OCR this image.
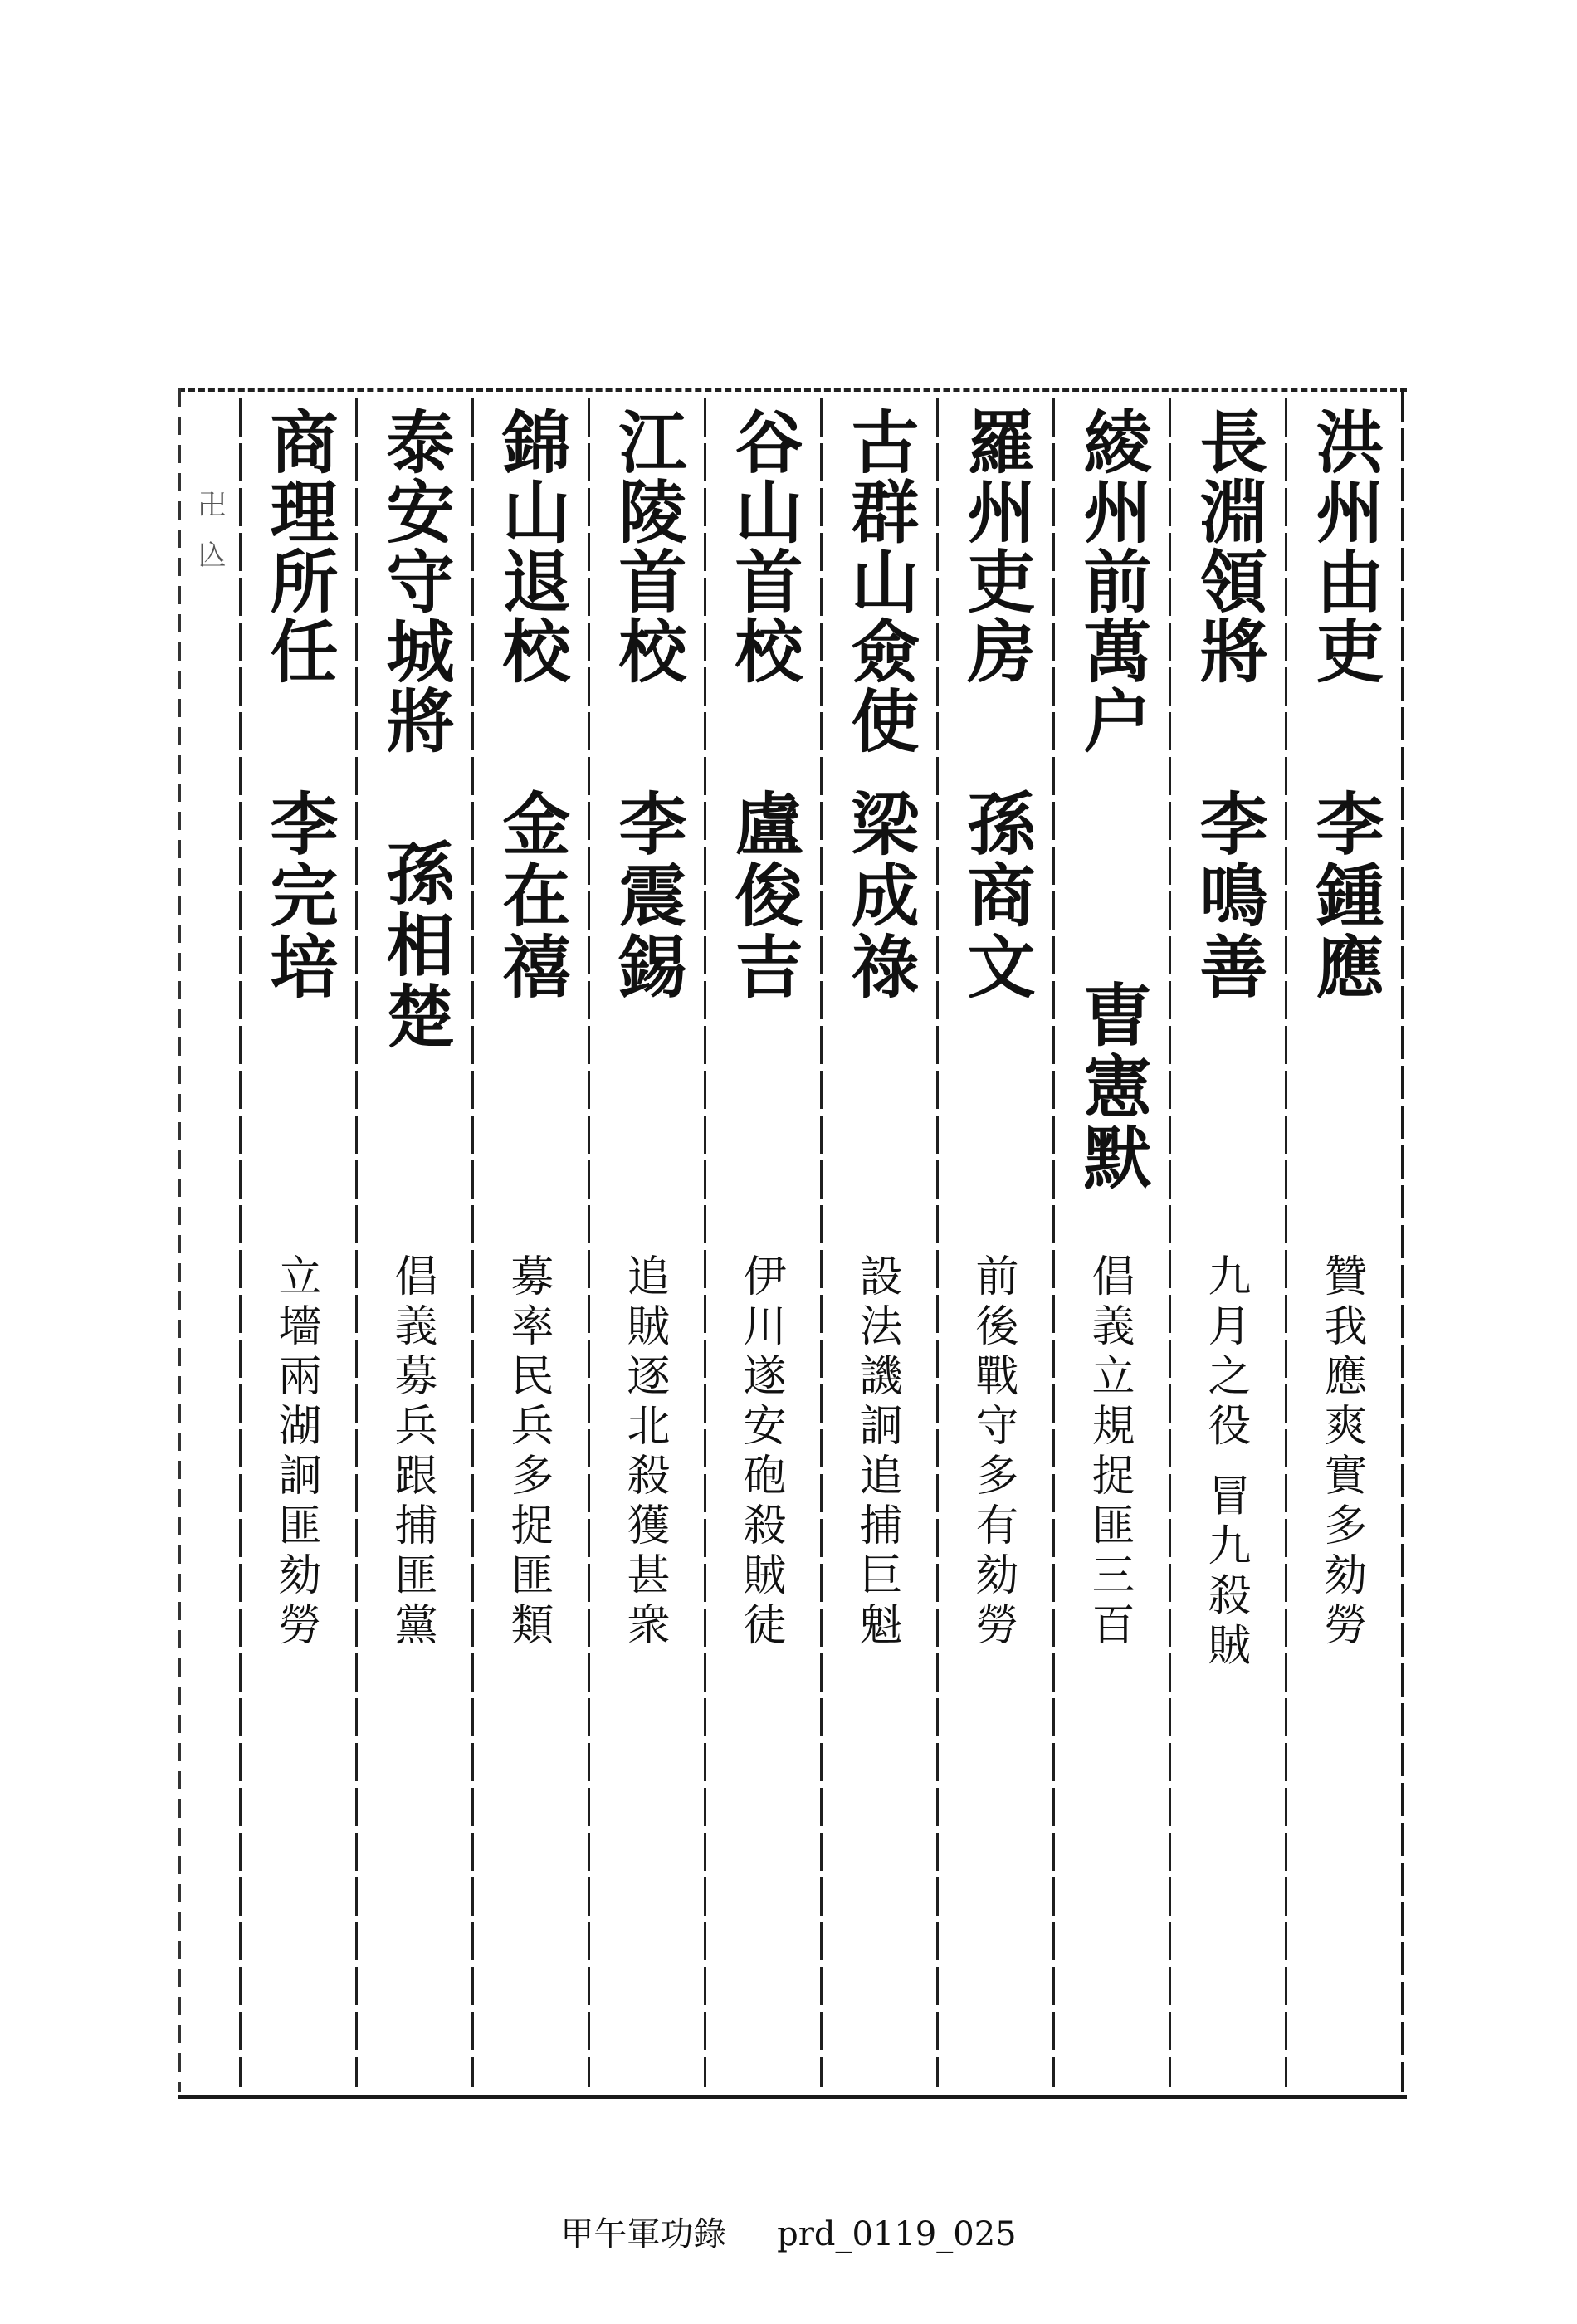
卍 兦	洪州由吏
李鍾應
贊我應爽實多劾勞
長淵領將
李鳴善
九月之役 冒九殺賊
綾州前萬户
曺憲默
倡義立規捉匪三百
羅州吏房
孫商文
前後戰守多有劾勞
古群山僉使
梁成祿
設法譏詗追捕巨魁
谷山首校
盧俊吉
伊川遂安砲殺賊徒
江陵首校
李震錫
追賊逐北殺獲甚衆
錦山退校
金在禧
募率民兵多捉匪類
泰安守城將
孫相楚
倡義募兵跟捕匪黨
商理所任
李完培
立墻兩湖詗匪劾勞
甲午軍功錄 prd_0119_025
